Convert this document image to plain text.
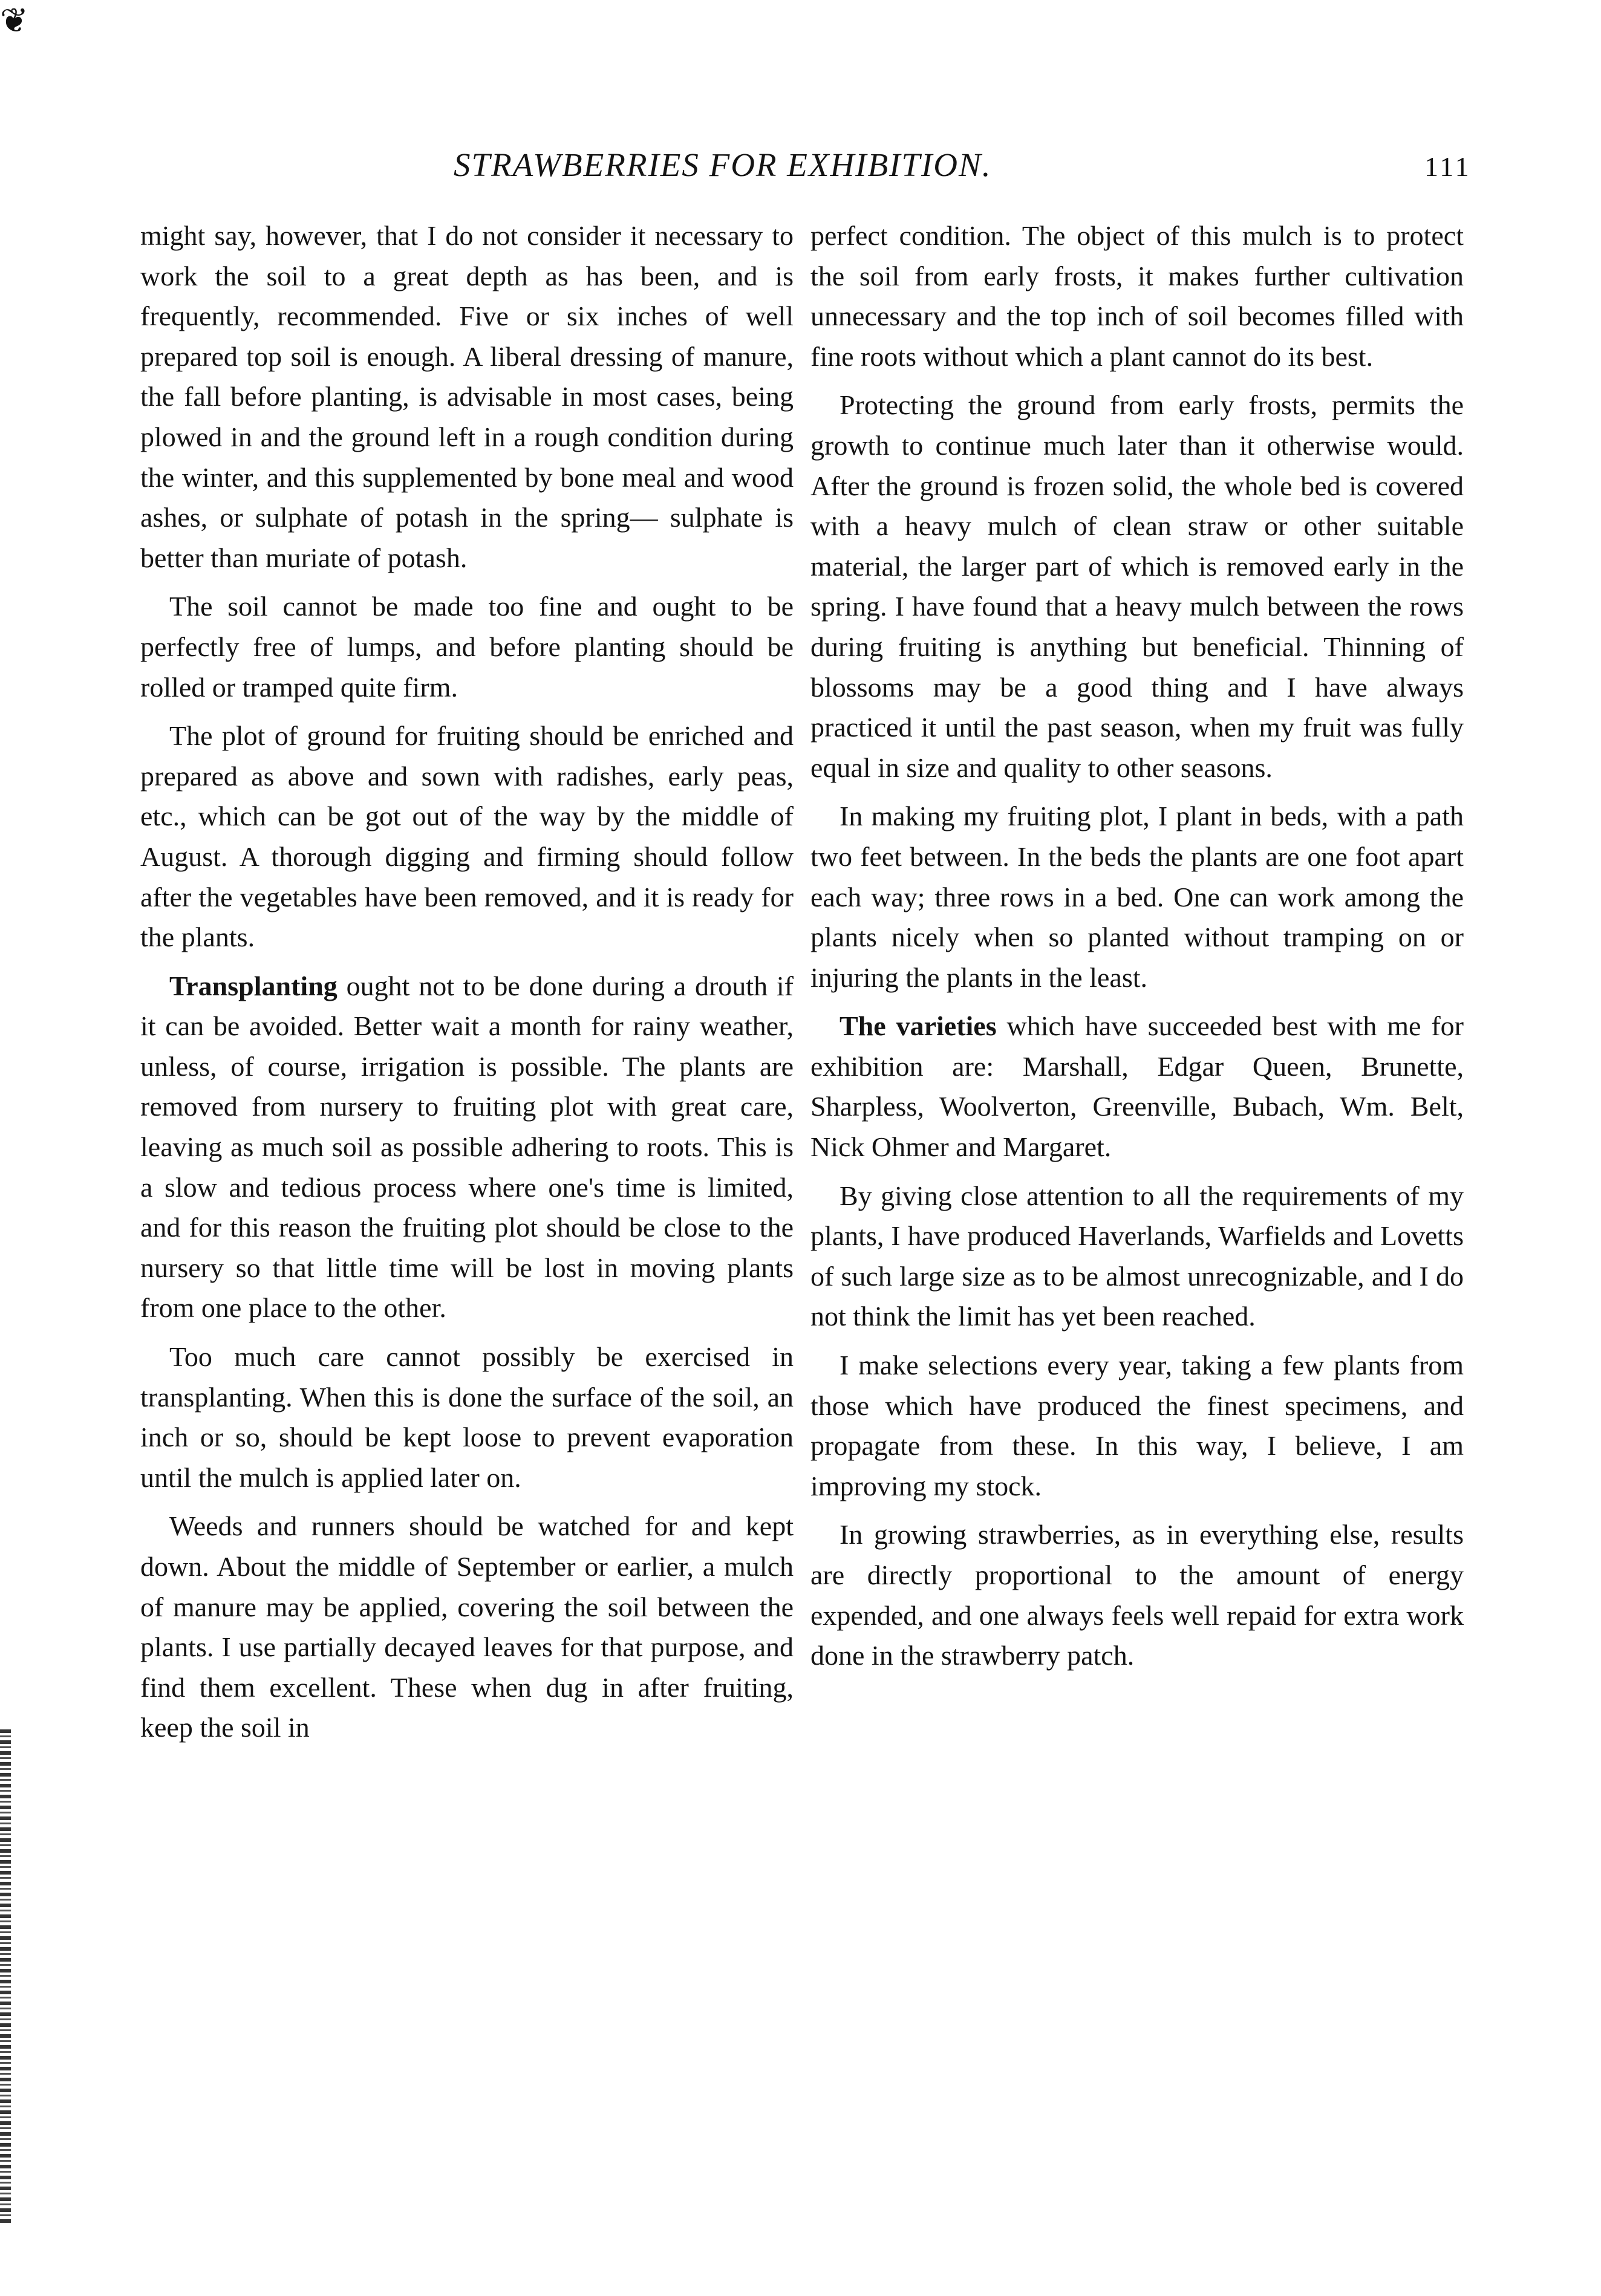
❦
STRAWBERRIES FOR EXHIBITION.	111

might say, however, that I do not consider it necessary to work the soil to a great depth as has been, and is frequently, recommended. Five or six inches of well prepared top soil is enough. A liberal dressing of manure, the fall before planting, is advisable in most cases, being plowed in and the ground left in a rough condition during the winter, and this supplemented by bone meal and wood ashes, or sulphate of potash in the spring— sulphate is better than muriate of potash.

The soil cannot be made too fine and ought to be perfectly free of lumps, and before planting should be rolled or tramped quite firm.

The plot of ground for fruiting should be enriched and prepared as above and sown with radishes, early peas, etc., which can be got out of the way by the middle of August. A thorough digging and firming should follow after the vegetables have been removed, and it is ready for the plants.

Transplanting ought not to be done during a drouth if it can be avoided. Better wait a month for rainy weather, unless, of course, irrigation is possible. The plants are removed from nursery to fruiting plot with great care, leaving as much soil as possible adhering to roots. This is a slow and tedious process where one's time is limited, and for this reason the fruiting plot should be close to the nursery so that little time will be lost in moving plants from one place to the other.

Too much care cannot possibly be exercised in transplanting. When this is done the surface of the soil, an inch or so, should be kept loose to prevent evaporation until the mulch is applied later on.

Weeds and runners should be watched for and kept down. About the middle of September or earlier, a mulch of manure may be applied, covering the soil between the plants. I use partially decayed leaves for that purpose, and find them excellent. These when dug in after fruiting, keep the soil in

perfect condition. The object of this mulch is to protect the soil from early frosts, it makes further cultivation unnecessary and the top inch of soil becomes filled with fine roots without which a plant cannot do its best.

Protecting the ground from early frosts, permits the growth to continue much later than it otherwise would. After the ground is frozen solid, the whole bed is covered with a heavy mulch of clean straw or other suitable material, the larger part of which is removed early in the spring. I have found that a heavy mulch between the rows during fruiting is anything but beneficial. Thinning of blossoms may be a good thing and I have always practiced it until the past season, when my fruit was fully equal in size and quality to other seasons.

In making my fruiting plot, I plant in beds, with a path two feet between. In the beds the plants are one foot apart each way; three rows in a bed. One can work among the plants nicely when so planted without tramping on or injuring the plants in the least.

The varieties which have succeeded best with me for exhibition are: Marshall, Edgar Queen, Brunette, Sharpless, Woolverton, Greenville, Bubach, Wm. Belt, Nick Ohmer and Margaret.

By giving close attention to all the requirements of my plants, I have produced Haverlands, Warfields and Lovetts of such large size as to be almost unrecognizable, and I do not think the limit has yet been reached.

I make selections every year, taking a few plants from those which have produced the finest specimens, and propagate from these. In this way, I believe, I am improving my stock.

In growing strawberries, as in everything else, results are directly proportional to the amount of energy expended, and one always feels well repaid for extra work done in the strawberry patch.
